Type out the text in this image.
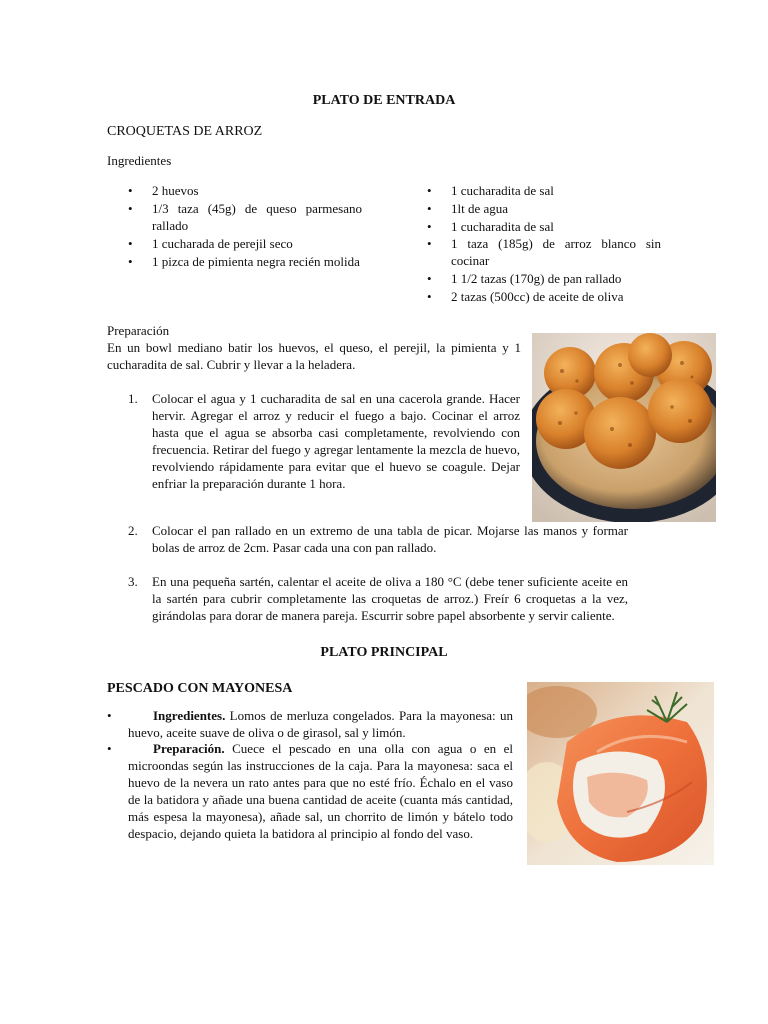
PLATO DE ENTRADA
CROQUETAS DE ARROZ
Ingredientes
•	2 huevos
•	1/3 taza (45g) de queso parmesano rallado
•	1 cucharada de perejil seco
•	1 pizca de pimienta negra recién molida
•	1 cucharadita de sal
•	1lt de agua
•	1 cucharadita de sal
•	1 taza (185g) de arroz blanco sin cocinar
•	1 1/2 tazas (170g) de pan rallado
•	2 tazas (500cc) de aceite de oliva
Preparación
En un bowl mediano batir los huevos, el queso, el perejil, la pimienta y 1 cucharadita de sal. Cubrir y llevar a la heladera.
1.	Colocar el agua y 1 cucharadita de sal en una cacerola grande. Hacer hervir. Agregar el arroz y reducir el fuego a bajo. Cocinar el arroz hasta que el agua se absorba casi completamente, revolviendo con frecuencia. Retirar del fuego y agregar lentamente la mezcla de huevo, revolviendo rápidamente para evitar que el huevo se coagule. Dejar enfriar la preparación durante 1 hora.
2.	Colocar el pan rallado en un extremo de una tabla de picar. Mojarse las manos y formar bolas de arroz de 2cm. Pasar cada una con pan rallado.
3.	En una pequeña sartén, calentar el aceite de oliva a 180 °C (debe tener suficiente aceite en la sartén para cubrir completamente las croquetas de arroz.) Freír 6 croquetas a la vez, girándolas para dorar de manera pareja. Escurrir sobre papel absorbente y servir caliente.
PLATO PRINCIPAL
PESCADO CON MAYONESA
•	Ingredientes. Lomos de merluza congelados. Para la mayonesa: un huevo, aceite suave de oliva o de girasol, sal y limón.
•	Preparación. Cuece el pescado en una olla con agua o en el microondas según las instrucciones de la caja. Para la mayonesa: saca el huevo de la nevera un rato antes para que no esté frío. Échalo en el vaso de la batidora y añade una buena cantidad de aceite (cuanta más cantidad, más espesa la mayonesa), añade sal, un chorrito de limón y bátelo todo despacio, dejando quieta la batidora al principio al fondo del vaso.
